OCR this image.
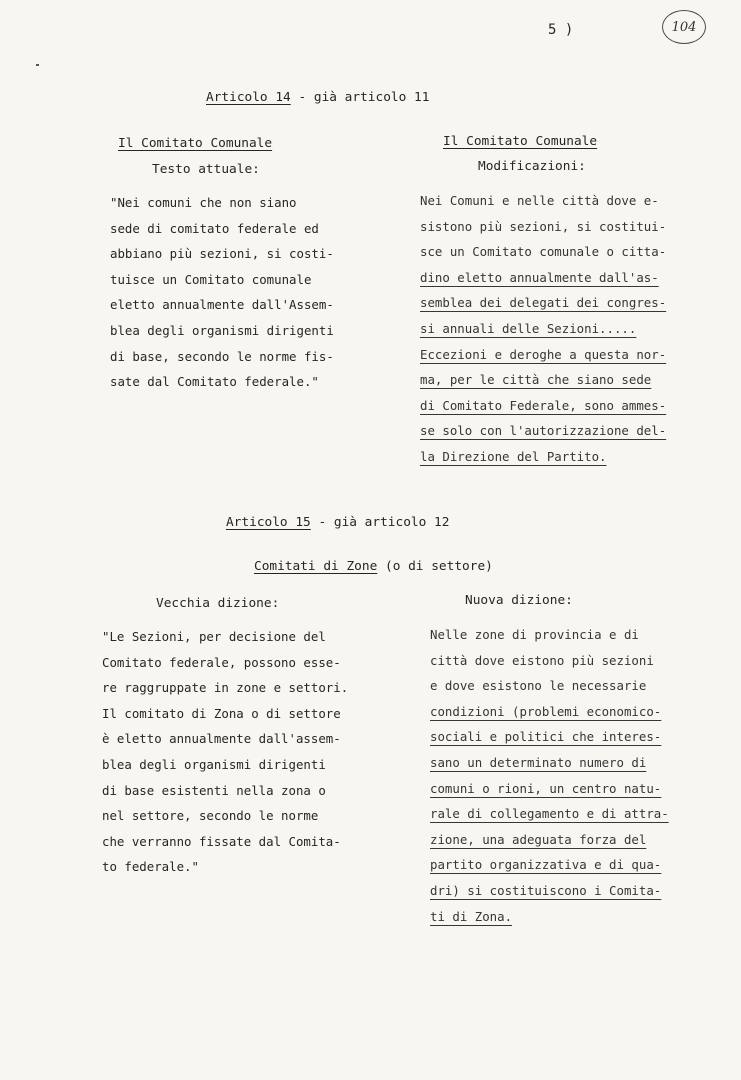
5 )	104
Articolo 14 - già articolo 11
Il Comitato Comunale
Testo attuale:
Il Comitato Comunale
Modificazioni:
"Nei comuni che non siano
sede di comitato federale ed
abbiano più sezioni, si costi-
tuisce un Comitato comunale
eletto annualmente dall'Assem-
blea degli organismi dirigenti
di base, secondo le norme fis-
sate dal Comitato federale."
Nei Comuni e nelle città dove e-
sistono più sezioni, si costitui-
sce un Comitato comunale o citta-
dino eletto annualmente dall'as-
semblea dei delegati dei congres-
si annuali delle Sezioni.....
Eccezioni e deroghe a questa nor-
ma, per le città che siano sede
di Comitato Federale, sono ammes-
se solo con l'autorizzazione del-
la Direzione del Partito.
Articolo 15 - già articolo 12
Comitati di Zone (o di settore)
Vecchia dizione:	Nuova dizione:
"Le Sezioni, per decisione del
Comitato federale, possono esse-
re raggruppate in zone e settori.
Il comitato di Zona o di settore
è eletto annualmente dall'assem-
blea degli organismi dirigenti
di base esistenti nella zona o
nel settore, secondo le norme
che verranno fissate dal Comita-
to federale."
Nelle zone di provincia e di
città dove eistono più sezioni
e dove esistono le necessarie
condizioni (problemi economico-
sociali e politici che interes-
sano un determinato numero di
comuni o rioni, un centro natu-
rale di collegamento e di attra-
zione, una adeguata forza del
partito organizzativa e di qua-
dri) si costituiscono i Comita-
ti di Zona.
